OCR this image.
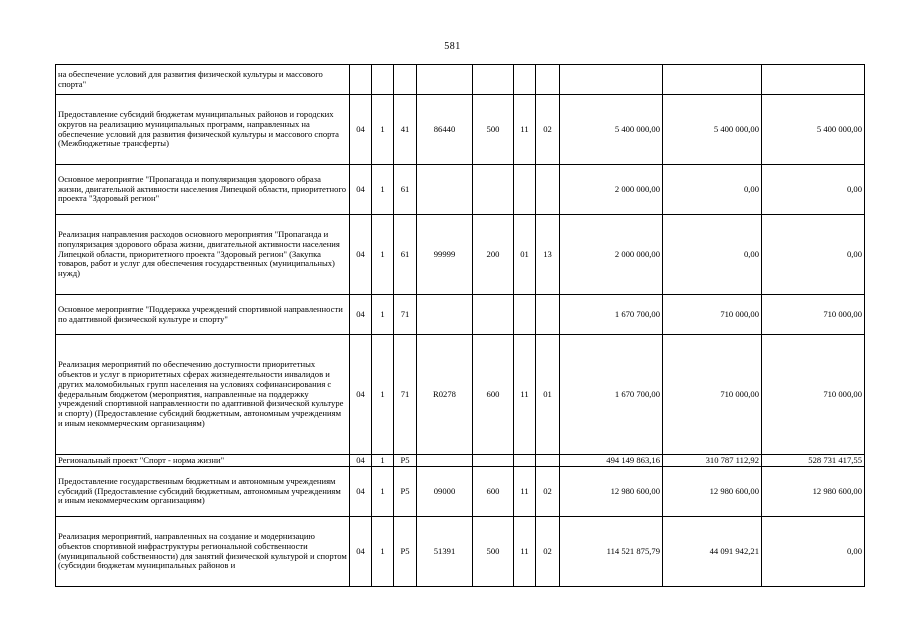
581
на обеспечение условий для развития физической культуры и массового спорта"										
Предоставление субсидий бюджетам муниципальных районов и городских округов на реализацию муниципальных программ, направленных на обеспечение условий для развития физической культуры и массового спорта (Межбюджетные трансферты)	04	1	41	86440	500	11	02	5 400 000,00	5 400 000,00	5 400 000,00
Основное мероприятие "Пропаганда и популяризация здорового образа жизни, двигательной активности населения Липецкой области, приоритетного проекта "Здоровый регион"	04	1	61					2 000 000,00	0,00	0,00
Реализация направления расходов основного мероприятия "Пропаганда и популяризация здорового образа жизни, двигательной активности населения Липецкой области, приоритетного проекта "Здоровый регион" (Закупка товаров, работ и услуг для обеспечения государственных (муниципальных) нужд)	04	1	61	99999	200	01	13	2 000 000,00	0,00	0,00
Основное мероприятие "Поддержка учреждений спортивной направленности по адаптивной физической культуре и спорту"	04	1	71					1 670 700,00	710 000,00	710 000,00
Реализация мероприятий по обеспечению доступности приоритетных объектов и услуг в приоритетных сферах жизнедеятельности инвалидов и других маломобильных групп населения на условиях софинансирования с федеральным бюджетом (мероприятия, направленные на поддержку учреждений спортивной направленности по адаптивной физической культуре и спорту) (Предоставление субсидий бюджетным, автономным учреждениям и иным некоммерческим организациям)	04	1	71	R0278	600	11	01	1 670 700,00	710 000,00	710 000,00
Региональный проект "Спорт - норма жизни"	04	1	P5					494 149 863,16	310 787 112,92	528 731 417,55
Предоставление государственным бюджетным и автономным учреждениям субсидий (Предоставление субсидий бюджетным, автономным учреждениям и иным некоммерческим организациям)	04	1	P5	09000	600	11	02	12 980 600,00	12 980 600,00	12 980 600,00
Реализация мероприятий, направленных на создание и модернизацию объектов спортивной инфраструктуры региональной собственности (муниципальной собственности) для занятий физической культурой и спортом (субсидии бюджетам муниципальных районов и	04	1	P5	51391	500	11	02	114 521 875,79	44 091 942,21	0,00
